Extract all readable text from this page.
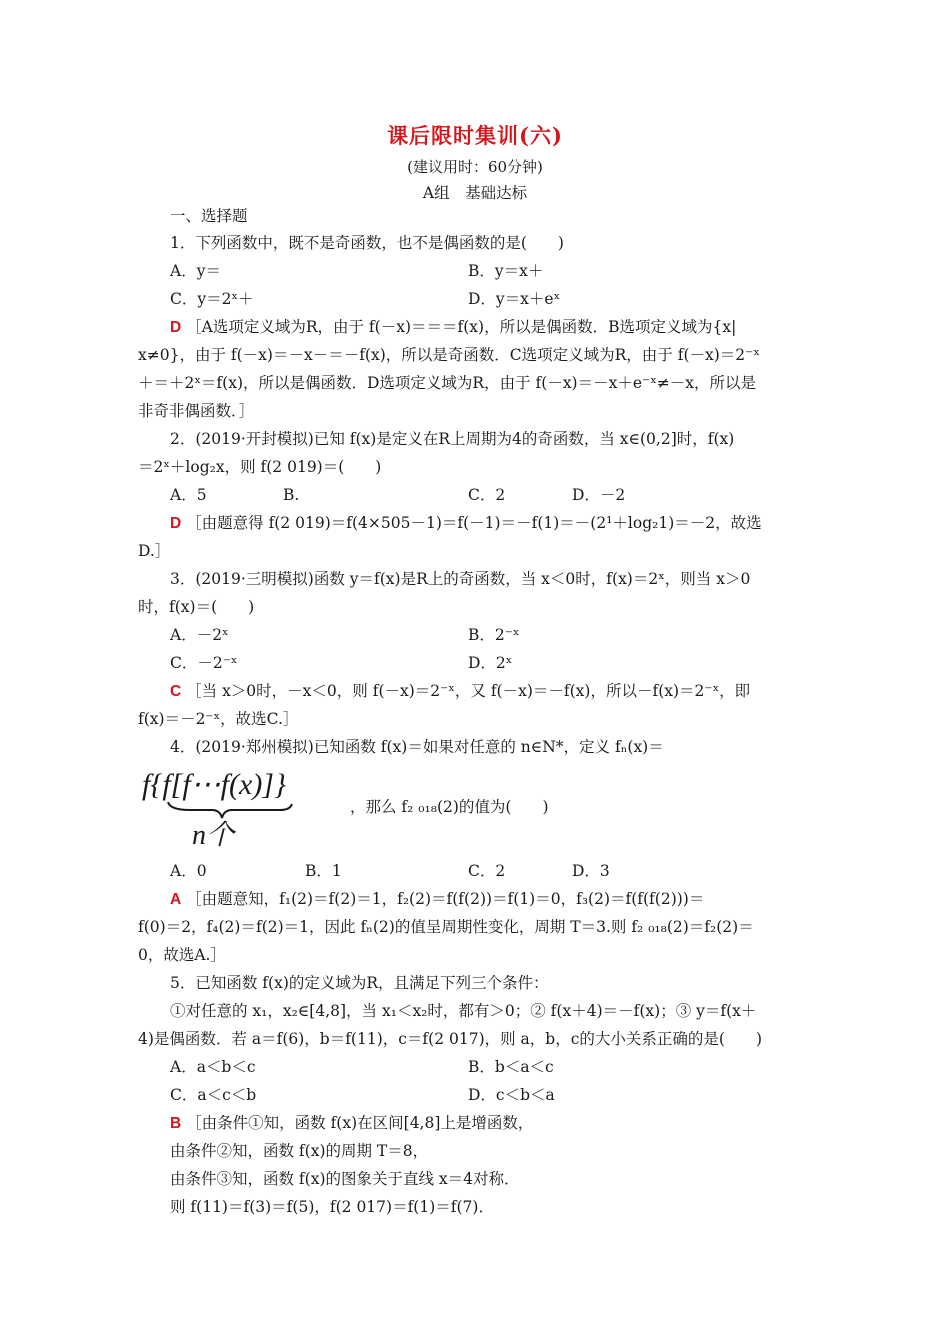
课后限时集训(六)
(建议用时：60分钟)
A组　基础达标
一、选择题
1．下列函数中，既不是奇函数，也不是偶函数的是(　　)
A．y＝	B．y＝x＋
C．y＝2ˣ＋	D．y＝x＋eˣ
D ［A选项定义域为R，由于 f(－x)＝＝＝f(x)，所以是偶函数．B选项定义域为{x|
x≠0}，由于 f(－x)＝－x－＝－f(x)，所以是奇函数．C选项定义域为R，由于 f(－x)＝2⁻ˣ
＋＝＋2ˣ＝f(x)，所以是偶函数．D选项定义域为R，由于 f(－x)＝－x＋e⁻ˣ≠－x，所以是
非奇非偶函数．］
2．(2019·开封模拟)已知 f(x)是定义在R上周期为4的奇函数，当 x∈(0,2]时，f(x)
＝2ˣ＋log₂x，则 f(2 019)＝(　　)
A．5	B.	C．2	D．－2
D ［由题意得 f(2 019)＝f(4×505－1)＝f(－1)＝－f(1)＝－(2¹＋log₂1)＝－2，故选
D.］
3．(2019·三明模拟)函数 y＝f(x)是R上的奇函数，当 x＜0时，f(x)＝2ˣ，则当 x＞0
时，f(x)＝(　　)
A．－2ˣ	B．2⁻ˣ
C．－2⁻ˣ	D．2ˣ
C ［当 x＞0时，－x＜0，则 f(－x)＝2⁻ˣ，又 f(－x)＝－f(x)，所以－f(x)＝2⁻ˣ，即
f(x)＝－2⁻ˣ，故选C.］
4．(2019·郑州模拟)已知函数 f(x)＝如果对任意的 n∈N*，定义 fₙ(x)＝
f{f[f⋯f(x)]}
n个
，那么 f₂ ₀₁₈(2)的值为(　　)
A．0	B．1	C．2	D．3
A ［由题意知，f₁(2)＝f(2)＝1，f₂(2)＝f(f(2))＝f(1)＝0，f₃(2)＝f(f(f(2)))＝
f(0)＝2，f₄(2)＝f(2)＝1，因此 fₙ(2)的值呈周期性变化，周期 T＝3.则 f₂ ₀₁₈(2)＝f₂(2)＝
0，故选A.］
5．已知函数 f(x)的定义域为R，且满足下列三个条件：
①对任意的 x₁，x₂∈[4,8]，当 x₁＜x₂时，都有＞0；② f(x＋4)＝－f(x)；③ y＝f(x＋
4)是偶函数．若 a＝f(6)，b＝f(11)，c＝f(2 017)，则 a，b，c的大小关系正确的是(　　)
A．a＜b＜c	B．b＜a＜c
C．a＜c＜b	D．c＜b＜a
B ［由条件①知，函数 f(x)在区间[4,8]上是增函数，
由条件②知，函数 f(x)的周期 T＝8，
由条件③知，函数 f(x)的图象关于直线 x＝4对称．
则 f(11)＝f(3)＝f(5)，f(2 017)＝f(1)＝f(7)．
